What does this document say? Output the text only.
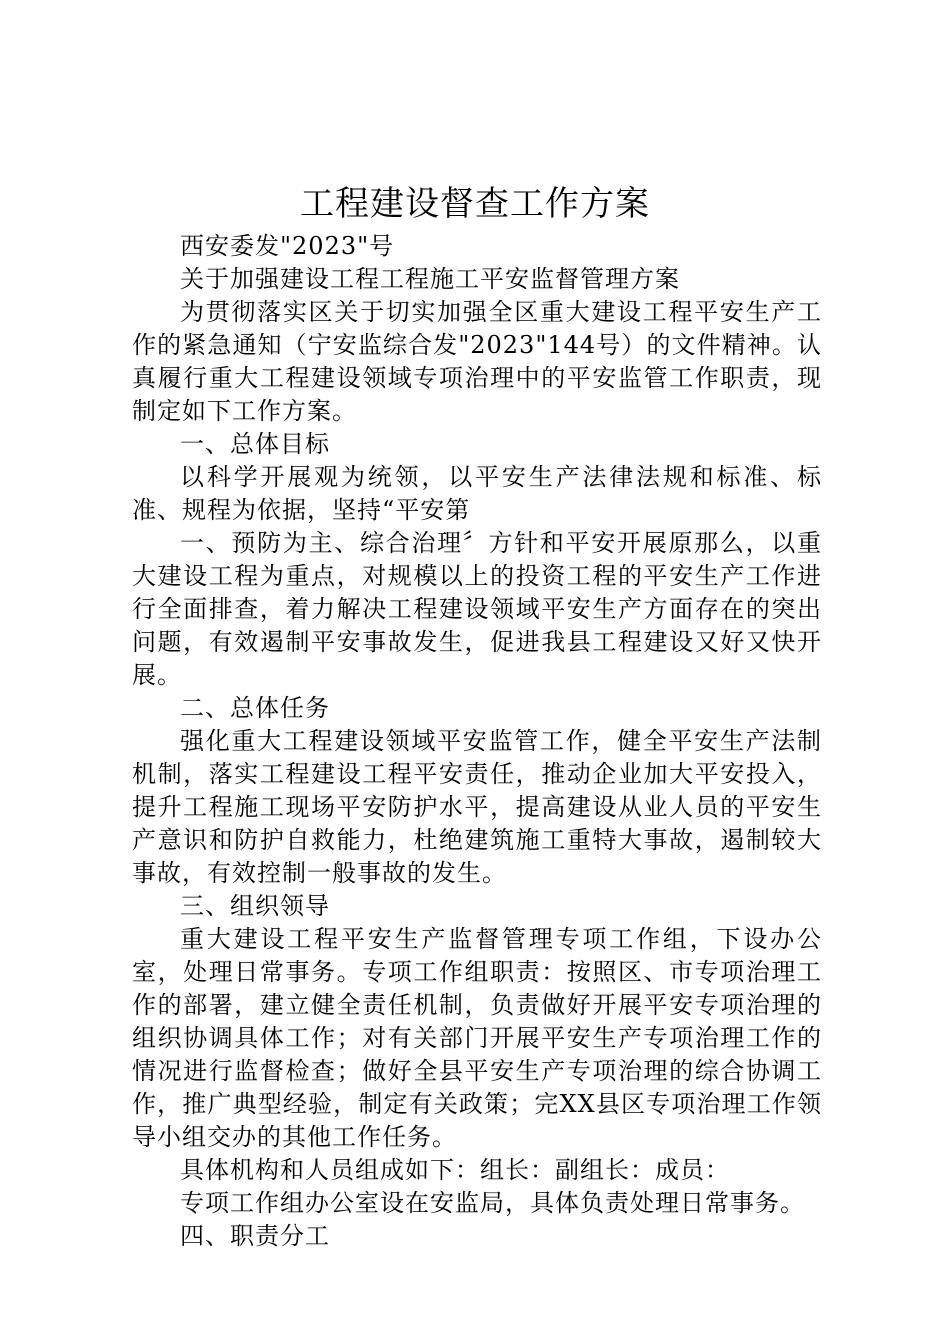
工程建设督查工作方案

西安委发"2023"号

关于加强建设工程工程施工平安监督管理方案

为贯彻落实区关于切实加强全区重大建设工程平安生产工作的紧急通知（宁安监综合发"2023"144号）的文件精神。认真履行重大工程建设领域专项治理中的平安监管工作职责，现制定如下工作方案。

一、总体目标

以科学开展观为统领，以平安生产法律法规和标准、标准、规程为依据，坚持“平安第

一、预防为主、综合治理〞方针和平安开展原那么，以重大建设工程为重点，对规模以上的投资工程的平安生产工作进行全面排查，着力解决工程建设领域平安生产方面存在的突出问题，有效遏制平安事故发生，促进我县工程建设又好又快开展。

二、总体任务

强化重大工程建设领域平安监管工作，健全平安生产法制机制，落实工程建设工程平安责任，推动企业加大平安投入，提升工程施工现场平安防护水平，提高建设从业人员的平安生产意识和防护自救能力，杜绝建筑施工重特大事故，遏制较大事故，有效控制一般事故的发生。

三、组织领导

重大建设工程平安生产监督管理专项工作组，下设办公室，处理日常事务。专项工作组职责：按照区、市专项治理工作的部署，建立健全责任机制，负责做好开展平安专项治理的组织协调具体工作；对有关部门开展平安生产专项治理工作的情况进行监督检查；做好全县平安生产专项治理的综合协调工作，推广典型经验，制定有关政策；完XX县区专项治理工作领导小组交办的其他工作任务。

具体机构和人员组成如下：组长：副组长：成员：

专项工作组办公室设在安监局，具体负责处理日常事务。

四、职责分工
